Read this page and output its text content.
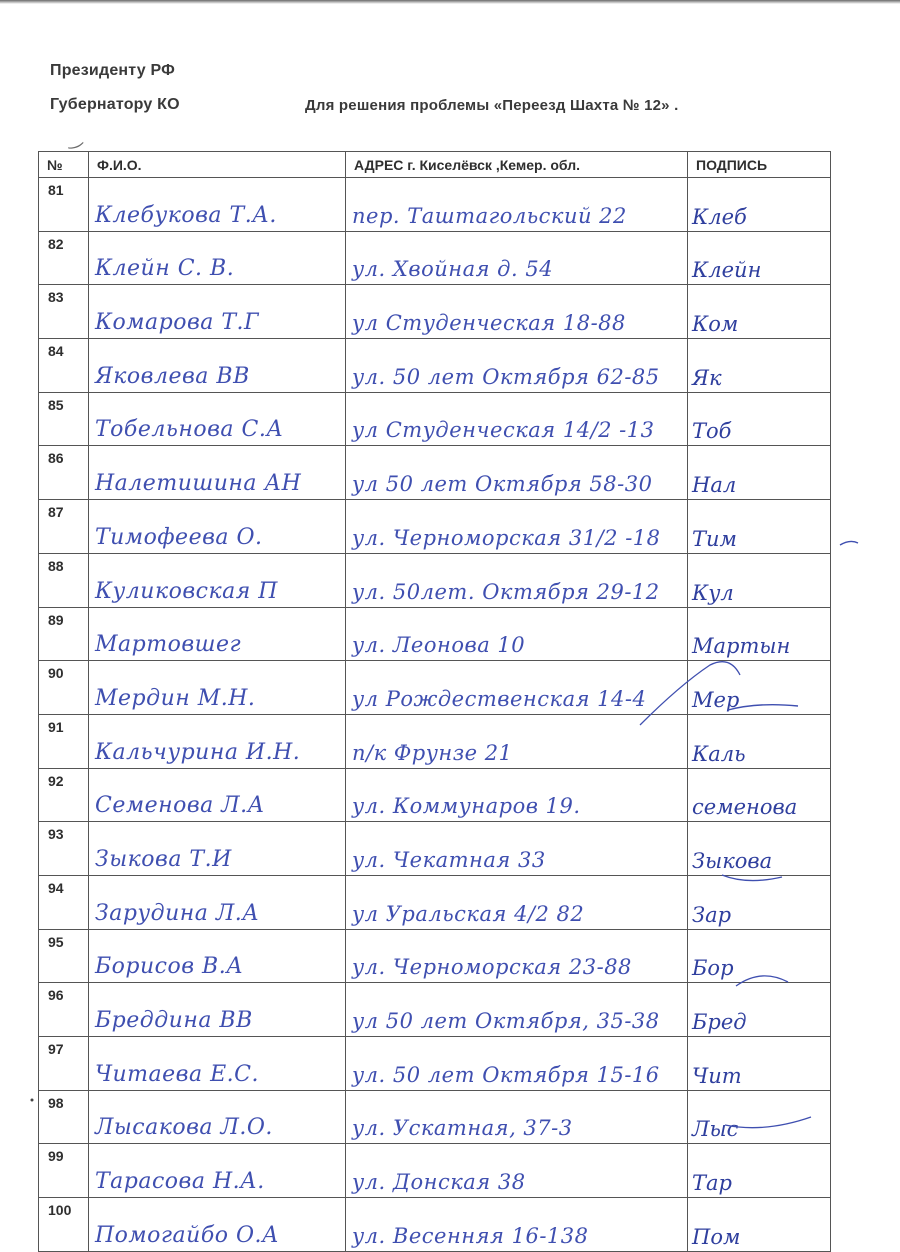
Президенту РФ
Губернатору КО	Для решения проблемы «Переезд Шахта № 12» .
‿
№	Ф.И.О.	АДРЕС г. Киселёвск ,Кемер. обл.	ПОДПИСЬ
81	Клебукова Т.А.	пер. Таштагольский 22	Клеб

82	Клейн С. В.	ул. Хвойная д. 54	Клейн

83	Комарова Т.Г	ул Студенческая 18-88	Ком

84	Яковлева ВВ	ул. 50 лет Октября 62-85	Як

85	Тобельнова С.А	ул Студенческая 14/2 -13	Тоб

86	Налетишина АН	ул 50 лет Октября 58-30	Нал

87	Тимофеева О.	ул. Черноморская 31/2 -18	Тим

88	Куликовская П	ул. 50лет. Октября 29-12	Кул

89	Мартовшег	ул. Леонова 10	Мартын

90	Мердин М.Н.	ул Рождественская 14-4	Мер

91	Кальчурина И.Н.	п/к Фрунзе 21	Каль

92	Семенова Л.А	ул. Коммунаров 19.	семенова

93	Зыкова Т.И	ул. Чекатная 33	Зыкова

94	Зарудина Л.А	ул Уральская 4/2 82	Зар

95	Борисов В.А	ул. Черноморская 23-88	Бор

96	Бреддина ВВ	ул 50 лет Октября, 35-38	Бред

97	Читаева Е.С.	ул. 50 лет Октября 15-16	Чит

98	Лысакова Л.О.	ул. Ускатная, 37-3	Лыс

99	Тарасова Н.А.	ул. Донская 38	Тар

100	Помогайбо О.А	ул. Весенняя 16-138	Пом
